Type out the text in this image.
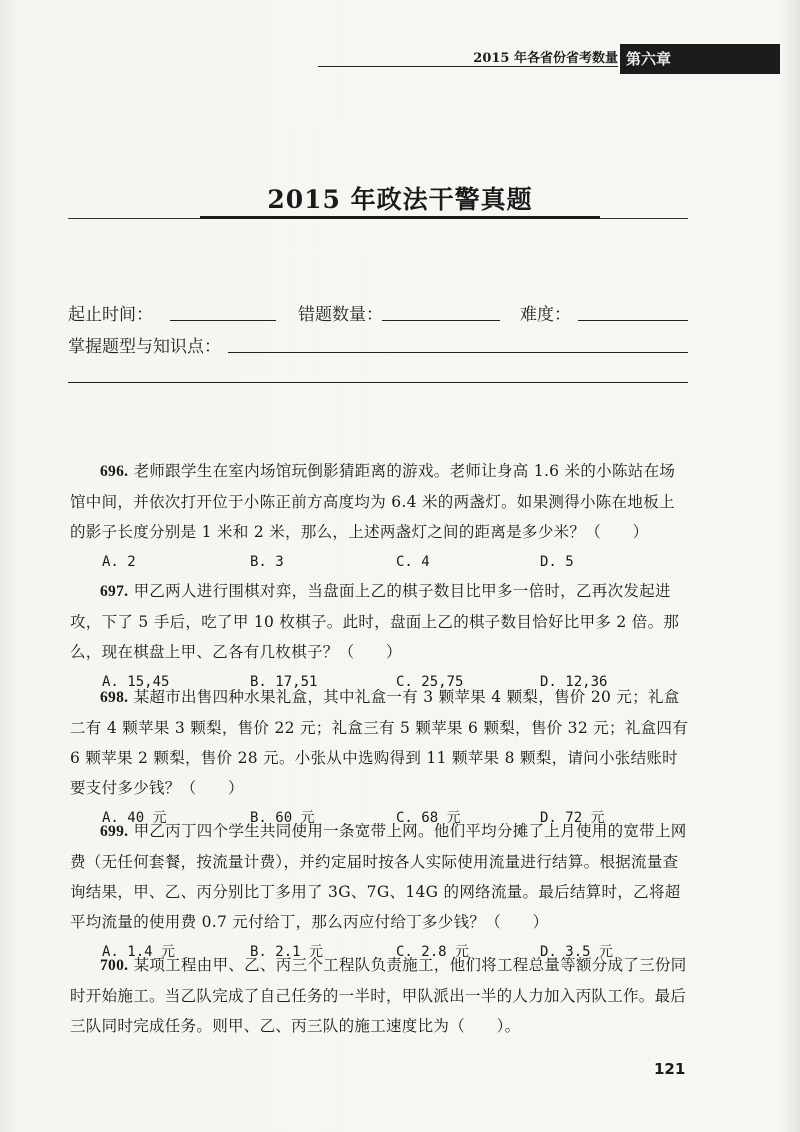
2015 年各省份省考数量 第六章
2015 年政法干警真题
起止时间：	错题数量：	难度：
掌握题型与知识点：

696. 老师跟学生在室内场馆玩倒影猜距离的游戏。老师让身高 1.6 米的小陈站在场馆中间，并依次打开位于小陈正前方高度均为 6.4 米的两盏灯。如果测得小陈在地板上的影子长度分别是 1 米和 2 米，那么，上述两盏灯之间的距离是多少米？（　　）

A. 2	B. 3	C. 4	D. 5

697. 甲乙两人进行围棋对弈，当盘面上乙的棋子数目比甲多一倍时，乙再次发起进攻，下了 5 手后，吃了甲 10 枚棋子。此时，盘面上乙的棋子数目恰好比甲多 2 倍。那么，现在棋盘上甲、乙各有几枚棋子？（　　）

A. 15,45	B. 17,51	C. 25,75	D. 12,36

698. 某超市出售四种水果礼盒，其中礼盒一有 3 颗苹果 4 颗梨，售价 20 元；礼盒二有 4 颗苹果 3 颗梨，售价 22 元；礼盒三有 5 颗苹果 6 颗梨，售价 32 元；礼盒四有 6 颗苹果 2 颗梨，售价 28 元。小张从中选购得到 11 颗苹果 8 颗梨，请问小张结账时要支付多少钱？（　　）

A. 40 元	B. 60 元	C. 68 元	D. 72 元

699. 甲乙丙丁四个学生共同使用一条宽带上网。他们平均分摊了上月使用的宽带上网费（无任何套餐，按流量计费），并约定届时按各人实际使用流量进行结算。根据流量查询结果，甲、乙、丙分别比丁多用了 3G、7G、14G 的网络流量。最后结算时，乙将超平均流量的使用费 0.7 元付给丁，那么丙应付给丁多少钱？（　　）

A. 1.4 元	B. 2.1 元	C. 2.8 元	D. 3.5 元

700. 某项工程由甲、乙、丙三个工程队负责施工，他们将工程总量等额分成了三份同时开始施工。当乙队完成了自己任务的一半时，甲队派出一半的人力加入丙队工作。最后三队同时完成任务。则甲、乙、丙三队的施工速度比为（　　）。

121
